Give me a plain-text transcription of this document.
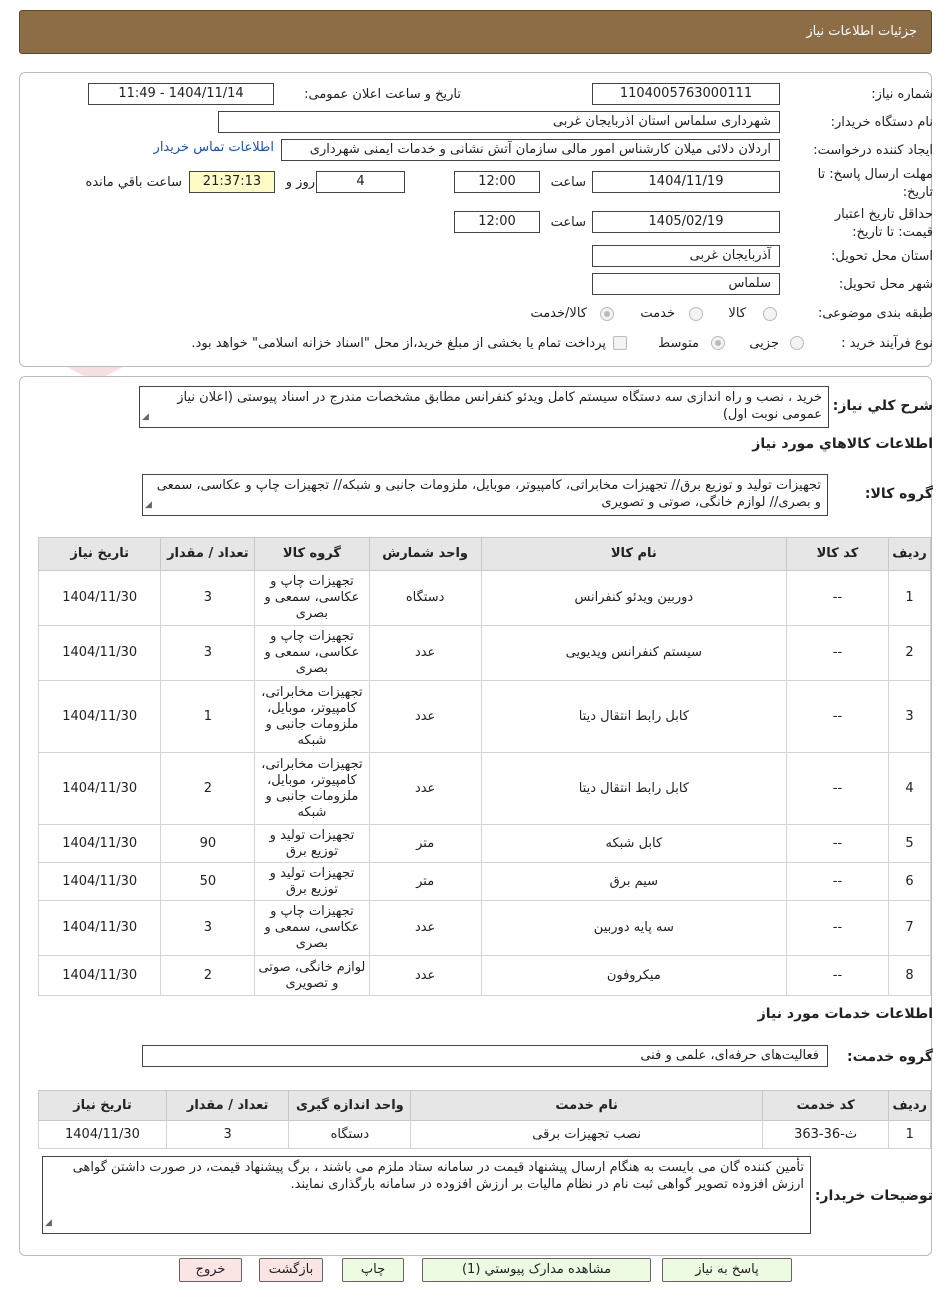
جزئیات اطلاعات نیاز
شماره نیاز:
1104005763000111
تاریخ و ساعت اعلان عمومی:
1404/11/14 - 11:49
نام دستگاه خریدار:
شهرداری سلماس استان اذربایجان غربی
ایجاد کننده درخواست:
اردلان دلائی میلان کارشناس امور مالی سازمان آتش نشانی و خدمات ایمنی شهرداری
اطلاعات تماس خریدار
مهلت ارسال پاسخ: تا
تاریخ:
1404/11/19
ساعت
12:00
4
روز و
21:37:13
ساعت باقي مانده
حداقل تاریخ اعتبار
قیمت: تا تاریخ:
1405/02/19
ساعت
12:00
استان محل تحویل:
آذربایجان غربی
شهر محل تحویل:
سلماس
طبقه بندی موضوعی:
کالا
خدمت
کالا/خدمت
نوع فرآیند خرید :
جزیی
متوسط
پرداخت تمام یا بخشی از مبلغ خرید،از محل "اسناد خزانه اسلامی" خواهد بود.
شرح کلي نياز:
خرید ، نصب و راه اندازی سه دستگاه سیستم کامل ویدئو کنفرانس مطابق مشخصات مندرج در اسناد پیوستی (اعلان نیاز عمومی نوبت اول)
◢
اطلاعات کالاهاي مورد نياز
گروه کالا:
تجهیزات تولید و توزیع برق// تجهیزات مخابراتی، کامپیوتر، موبایل، ملزومات جانبی و شبکه// تجهیزات چاپ و عکاسی، سمعی و بصری// لوازم خانگی، صوتی و تصویری
◢
ردیف	کد کالا	نام کالا	واحد شمارش	گروه کالا	تعداد / مقدار	تاریخ نیاز
1	--	دوربین ویدئو کنفرانس	دستگاه	تجهیزات چاپ و عکاسی، سمعی و بصری	3	1404/11/30
2	--	سیستم کنفرانس ویدیویی	عدد	تجهیزات چاپ و عکاسی، سمعی و بصری	3	1404/11/30
3	--	کابل رابط انتقال دیتا	عدد	تجهیزات مخابراتی، کامپیوتر، موبایل، ملزومات جانبی و شبکه	1	1404/11/30
4	--	کابل رابط انتقال دیتا	عدد	تجهیزات مخابراتی، کامپیوتر، موبایل، ملزومات جانبی و شبکه	2	1404/11/30
5	--	کابل شبکه	متر	تجهیزات تولید و توزیع برق	90	1404/11/30
6	--	سیم برق	متر	تجهیزات تولید و توزیع برق	50	1404/11/30
7	--	سه پایه دوربین	عدد	تجهیزات چاپ و عکاسی، سمعی و بصری	3	1404/11/30
8	--	میکروفون	عدد	لوازم خانگی، صوتی و تصویری	2	1404/11/30
اطلاعات خدمات مورد نياز
گروه خدمت:
فعالیت‌های حرفه‌ای، علمی و فنی
ردیف	کد خدمت	نام خدمت	واحد اندازه گیری	تعداد / مقدار	تاریخ نیاز
1	ث-36-363	نصب تجهیزات برقی	دستگاه	3	1404/11/30
توضیحات خریدار:
تأمین کننده گان می بایست به هنگام ارسال پیشنهاد قیمت در سامانه ستاد ملزم می باشند ، برگ پیشنهاد قیمت، در صورت داشتن گواهی ارزش افزوده تصویر گواهی ثبت نام در نظام مالیات بر ارزش افزوده در سامانه بارگذاری نمایند.
◢
پاسخ به نیاز
مشاهده مدارک پیوستي (1)
چاپ
بازگشت
خروج
